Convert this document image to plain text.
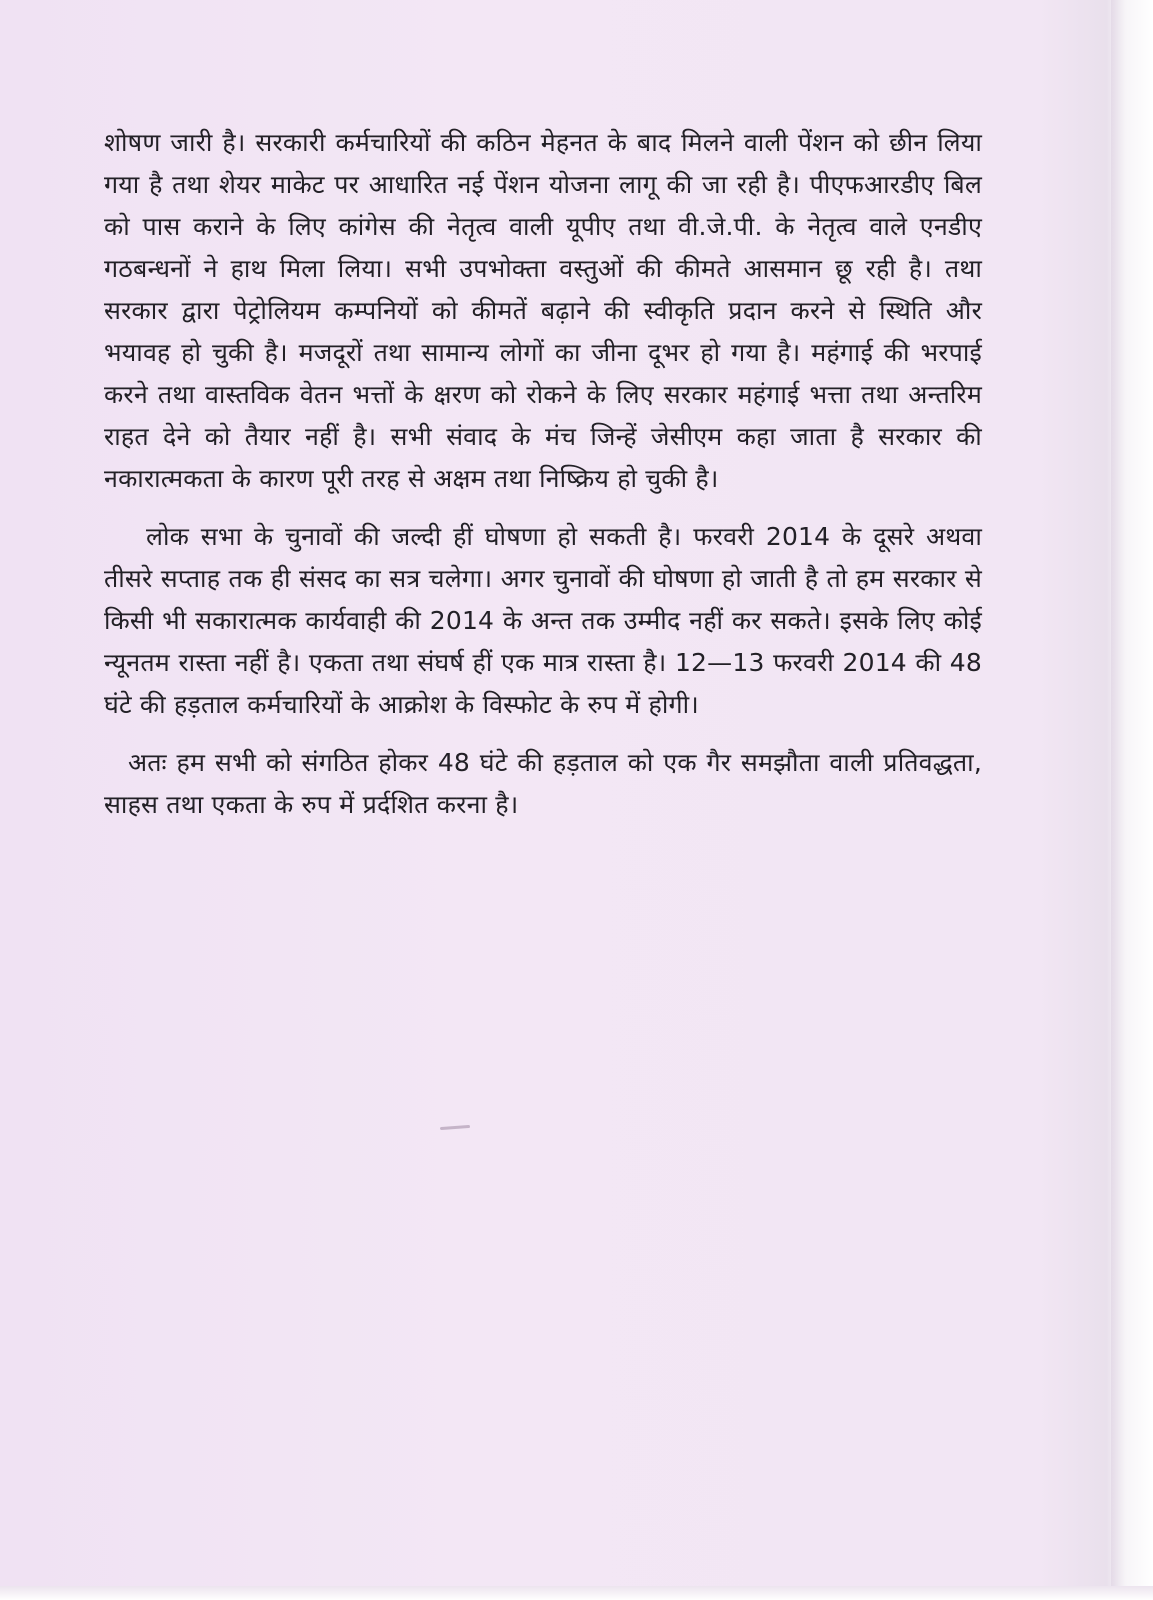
शोषण जारी है। सरकारी कर्मचारियों की कठिन मेहनत के बाद मिलने वाली पेंशन को छीन लिया गया है तथा शेयर माकेट पर आधारित नई पेंशन योजना लागू की जा रही है। पीएफआरडीए बिल को पास कराने के लिए कांगेस की नेतृत्व वाली यूपीए तथा वी.जे.पी. के नेतृत्व वाले एनडीए गठबन्धनों ने हाथ मिला लिया। सभी उपभोक्ता वस्तुओं की कीमते आसमान छू रही है। तथा सरकार द्वारा पेट्रोलियम कम्पनियों को कीमतें बढ़ाने की स्वीकृति प्रदान करने से स्थिति और भयावह हो चुकी है। मजदूरों तथा सामान्य लोगों का जीना दूभर हो गया है। महंगाई की भरपाई करने तथा वास्तविक वेतन भत्तों के क्षरण को रोकने के लिए सरकार महंगाई भत्ता तथा अन्तरिम राहत देने को तैयार नहीं है। सभी संवाद के मंच जिन्हें जेसीएम कहा जाता है सरकार की नकारात्मकता के कारण पूरी तरह से अक्षम तथा निष्क्रिय हो चुकी है।

लोक सभा के चुनावों की जल्दी हीं घोषणा हो सकती है। फरवरी 2014 के दूसरे अथवा तीसरे सप्ताह तक ही संसद का सत्र चलेगा। अगर चुनावों की घोषणा हो जाती है तो हम सरकार से किसी भी सकारात्मक कार्यवाही की 2014 के अन्त तक उम्मीद नहीं कर सकते। इसके लिए कोई न्यूनतम रास्ता नहीं है। एकता तथा संघर्ष हीं एक मात्र रास्ता है। 12—13 फरवरी 2014 की 48 घंटे की हड़ताल कर्मचारियों के आक्रोश के विस्फोट के रुप में होगी।

अतः हम सभी को संगठित होकर 48 घंटे की हड़ताल को एक गैर समझौता वाली प्रतिवद्धता, साहस तथा एकता के रुप में प्रर्दशित करना है।
